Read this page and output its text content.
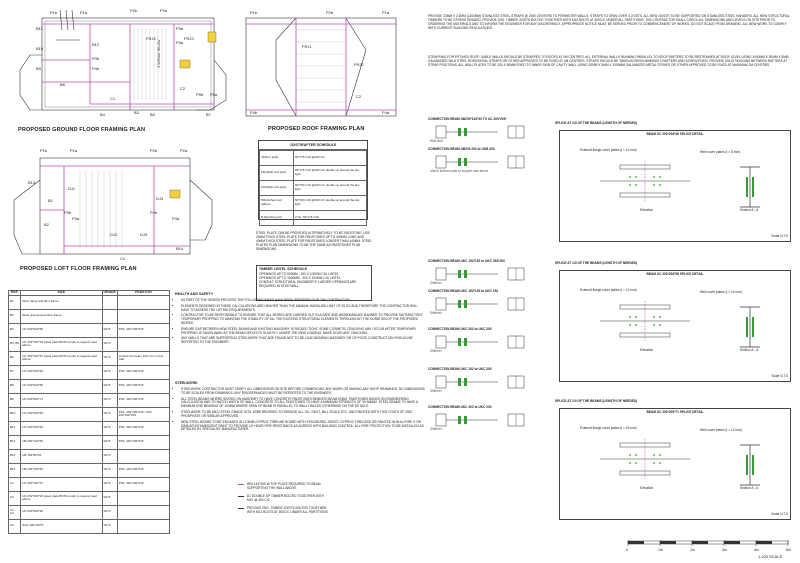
P2b	P2a
P1b	P1a
B11
B10
B12
B9
B8
P3b
P4b
P3a
P4a
P5b P5a
C1
B3
FRJ4	FRJ3
C2
B4	B5	B7
STAIRWAY BELOW
PROPOSED GROUND FLOOR FRAMING PLAN
P2b
FRJ1
FRJ2
C2
P1b	P1a
P4a
P4b
PROPOSED ROOF FRAMING PLAN
P1b	P1a	P2b	P2a
B13
DJ1
B1
B2
P3b
P3a
P4b
P4a
DJ2	DJ3
DJ4
C1
B14
PROPOSED LOFT FLOOR FRAMING PLAN
PROVIDE 32MM X 2.5MM (1200MM) STAINLESS STEEL STRAPS @ 2000 CENTERS TO PERIMETER WALLS. STRAPS TO SPAN OVER 3 JOISTS. ALL NEW JOISTS TO BE SUPPORTED ON STAINLESS STEEL HANGERS. ALL NEW STRUCTURAL TIMBERS TO BE STRESS GRADED. PROVIDE 2NO. TIMBER JOISTS BOLTED TOGETHER WITH M12 BOLTS AT 600C/C UNDER ALL PARTITIONS. THE CONTRACTOR SHALL CHECK ALL DIMENSIONS AND LEVELS ON SITE PRIOR TO ORDERING THE MATERIALS AND TO INFORM THE ENGINEER FOR ANY DISCREPANCY. APPROPRIATE NOTICE MUST BE SERVED PRIOR TO COMMENCEMENT OF WORKS. DO NOT SCALE FROM DRAWING. ALL NEW WORK TO COMPLY WITH CURRENT BUILDING REGULATIONS.
STRAPPING FOR PITCHED ROOF: GABLE WALLS SHOULD BE STRAPPED TO ROOFS AT 2M CENTRES. ALL EXTERNAL WALLS RUNNING PARALLEL TO ROOF RAFTERS TO BE RESTRAINED AT ROOF LEVEL USING 1000MM X 30MM X 5MM GALVANIZED MILD STEEL HORIZONTAL STRAPS OR OTHER APPROVED TO BE FIXED AT 2M CENTRES. STRAPS SHOULD BE TAKEN ACROSS MINIMUM 3 RAFTERS AND SCREW FIXED. PROVIDE SOLID NOGGINS BETWEEN RAFTERS AT STRAP POSITIONS. ALL WALL PLATES TO BE 100 X 50MM FIXED TO INNER SKIN OF CAVITY WALL USING 30MM X 5MM X 1000MM GALVANIZED METAL STRAPS OR OTHER APPROVED TO BE FIXED AT MAXIMUM 2M CENTRES.
JOIST/RAFTER SCHEDULE
J1(floor joist)	50*175 C16 @400 C/c
FRJ1(flat roof joist)	50*175 C16 @400 C/c double up around the sky light
FRJ2(flat roof joist)	50*150 C16 @400 C/c double up around the sky light
PR(pitched roof rafters)	50*150 C16 @400 C/c double up around the sky light
DJ(double joist)	2 No. 50*175 C16
STEEL PLATE CAN BE PROVIDED ALTERNATIVELY TO RC PADSTONE. USE 20MM THICK STEEL PLATE FOR PADSTONES UP TO 440MM LONG AND 40MM THICK STEEL PLATE FOR PADSTONES LONGER THAN 440MM. STEEL PLATES PLAN DIMENSIONS TO BE THE SAME AS PADSTONES PLAN DIMENSIONS.
TIMBER LINTEL SCHEDULE
OPENINGS UP TO 900MM - 150 X 100MM C16 LINTEL
OPENINGS UP TO 1500MM - 200 X 100MM C16 LINTEL
CONSULT STRUCTURAL ENGINEER IF LARGER OPENINGS ARE REQUIRED IN STUD WALL
REF.	SIZE	GRADE	PADSTON
B1	Wind rating and floor frame		
B2	Work ground level floor frame		
B3	UC 203*203*46	S275	PS1: 440*100*215
B4, B5	UC 152*152*23 (steel plate BOTH ends) to support load above	S275	
B6	UC 152*152*37 (steel plate BOTH ends) to support load above	S275	embed into beam 100 min on this wall
B7	UC 203*203*46	S275	PS3: 440*100*215
B8	UC 203*203*46	S275	PS1: 440*100*215
B9	UC 203*203*71	S275	PS2: 440*100*215
B10	UC 203*203*46	S275	PS1: 440*100*215 / PS2: 440*100*215
B11	UC 203*203*46	S275	PS1: 440*100*215
B12	UB 203*133*25	S275	PS1: 440*100*215
B13	UB 152*89*16	S275	
B14	UB 203*133*30	S275	PS1: 440*100*215
C1	UC 152*152*37	S275	PS1: 440*100*215
C2	UC 152*152*23 (steel plate BOTH ends) to support load above	S275	
C1, C2	UC 203*203*46	S275	
C3	SHS 100*100*6	S275	
HEALTH AND SAFETY
• AS PART OF THE DESIGN PROCESS THE FOLLOWING RISKS HAVE BEEN IDENTIFIED FOR THE CONTRACTOR.
• ELEMENTS DESIGNED IN THESE CALCULATIONS ARE HEAVIER THAN THE MANUAL HANDLING LIMIT OF 25 KG AND THEREFORE THE CONTRACTOR WILL HAVE TO ASSESS THE LIFTING REQUIREMENTS.
• CONTRACTOR TO BE RESPONSIBLE TO ENSURE THAT ALL WORKS ARE CARRIED OUT IN A SAFE AND WORKMANLIKE MANNER TO PROVIDE SATISFACTORY TEMPORARY PROPPING TO MAINTAIN THE STABILITY OF ALL THE EXISTING STRUCTURAL ELEMENTS THROUGHOUT THE DURATION OF THE PROPOSED WORKS.
• ENSURE GAP BETWEEN NEW STEEL BEAMS AND EXISTING MASONRY IS PACKED TIGHT. SOME COSMETIC CRACKING MAY OCCUR AFTER TEMPORARY PROPPING IS TAKEN AWAY AS THE BEAM DEFLECTS SLIGHTLY UNDER THE NEW LOADING. MAKE GOOD ANY CRACKING.
• ANY WALLS THAT ARE SUPPORTING STEELWORK THAT ARE FOUND NOT TO BE LOAD BEARING MASONRY OR OF POOR CONSTRUCTION SHOULD BE REPORTED TO THE ENGINEER.
STEELWORK
• STEELWORK CONTRACTOR MUST VERIFY ALL DIMENSIONS ON SITE BEFORE COMMENCING ANY WORK OR MAKING ANY SHOP DRAWINGS. NO DIMENSIONS TO BE SCALED FROM DRAWINGS. ANY DISCREPANCIES MUST BE REPORTED TO THE ENGINEER.
• ALL STEEL BEAMS WHERE SEATED ON MASONRY TO HAVE CONCRETE PADSTONES BENEATH BEAM ENDS. PADSTONES BASED ON ENGINEERING CALCULATION AND TO MATCH WIDTH OF WALL. CONCRETE TO ALL PADSTONES TO HAVE A MINIMUM STRENGTH OF 30 N/MM2. STEEL BEAMS TO HAVE A MINIMUM END BEARING OF 100MM WHERE SPAN OF BEAM IS PARALLEL TO WALL UNLESS OTHERWISE ON THE DETAILS.
• STEELWORK TO BE MILD STEEL GRADE S275, WIRE BRUSHED TO REMOVE ALL OIL, RUST, MILL SCALE ETC. AND PAINTED WITH TWO COATS OF ZINC PHOSPHATE OR SIMILAR APPROVED.
• NEW STEEL BEAMS TO BE ENCASED IN 12.5MM GYPROC FIRELINE BOARD WITH STAGGERED JOINTS. GYPROC FIRECASE OR PAINTED IN NULLIFIRE S OR SIMILAR INTUMESCENT PAINT TO PROVIDE 1/2 HOUR FIRE RESISTANCE AS AGREED WITH BUILDING CONTROL. ALL FIRE PROTECTION TO BE INSTALLED AS DETAILED BY SPECIALIST MANUFACTURER.
BP# 144*300 W TOP PLATE REQUIRED TO BEAM SUPPORTING THE WALL ABOVE
DJ DOUBLE UP TIMBER BOLTED TOGETHER WITH M12 @ 450 C/C
PROVIDE 2NO. TIMBER JOISTS BOLTED TOGETHER WITH M12 BOLTS AT 600C/C UNDER ALL PARTITIONS
CONNECTION BEAM UB203*133*30 TO UC 203*203*
Wall stub
CONNECTION BEAM UB203 203 to UKB 203
40mm bottom plate to support wall above
CONNECTION BEAM UKC 152*152 to UKC 254*254
Stiffener
CONNECTION BEAM UKC 152*152 to UKC 152
Stiffener
CONNECTION BEAM UKC 203 to UKC 203
Stiffener
CONNECTION BEAM UKC 152 to UKC 203
Stiffener
CONNECTION BEAM UKC 203 to UKC 203
Stiffener
SPLICE AT 1/3 OF THE BEAMS (LENGTH OF NEEDED)
BEAM UC 203*203*46 SPLICE DETAIL
External flange cover plates (t = 10 mm)	Web cover plates (t = 8 mm)
Elevation	Section A - A
Scale N.T.S
SPLICE AT 1/3 OF THE BEAMS (LENGTH OF NEEDED)
BEAM UC 203*203*58 SPLICE DETAIL
External flange cover plates (t = 12 mm)	Web cover plates (t = 10 mm)
Elevation	Section A - A
Scale N.T.S
SPLICE AT 1/3 OF THE BEAMS (LENGTH OF NEEDED)
BEAM UC 203*203*71 SPLICE DETAIL
External flange cover plates (t = 15 mm)	Web cover plates (t = 12 mm)
Elevation	Section A - A
Scale N.T.S
0	1m	2m	3m	4m	5m
1:100 SCALE
